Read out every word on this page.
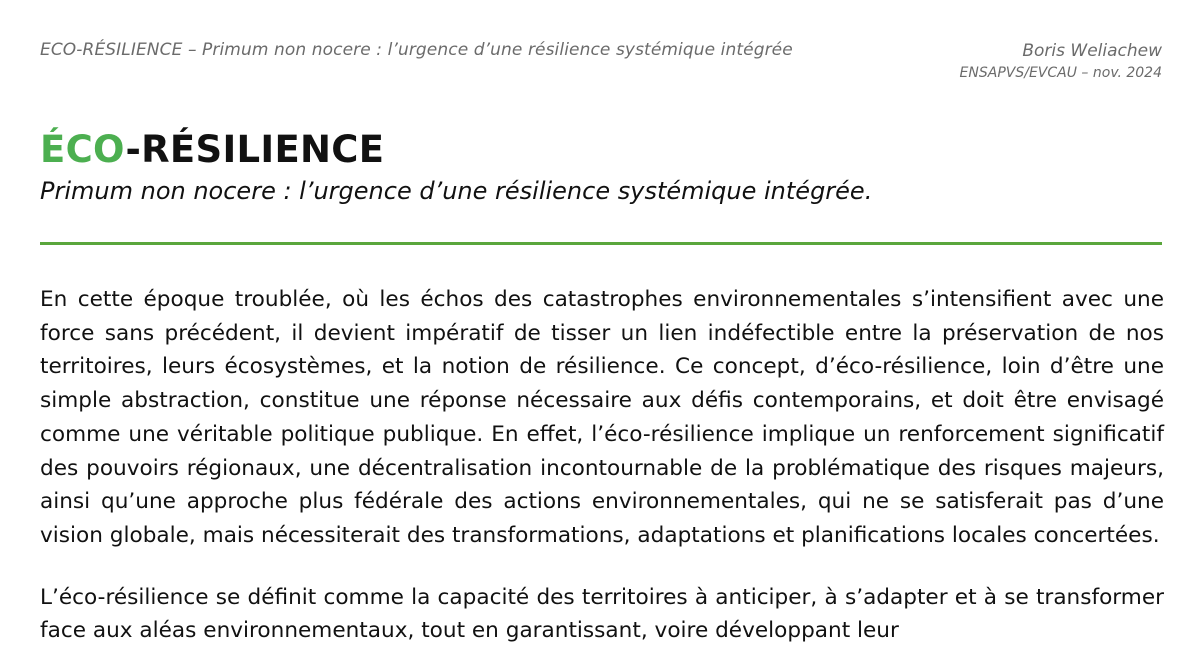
ECO-RÉSILIENCE – Primum non nocere : l’urgence d’une résilience systémique intégrée	Boris Weliachew
ENSAPVS/EVCAU – nov. 2024
ÉCO-RÉSILIENCE
Primum non nocere : l’urgence d’une résilience systémique intégrée.

En cette époque troublée, où les échos des catastrophes environnementales s’intensifient avec une force sans précédent, il devient impératif de tisser un lien indéfectible entre la préservation de nos territoires, leurs écosystèmes, et la notion de résilience. Ce concept, d’éco-résilience, loin d’être une simple abstraction, constitue une réponse nécessaire aux défis contemporains, et doit être envisagé comme une véritable politique publique. En effet, l’éco-résilience implique un renforcement significatif des pouvoirs régionaux, une décentralisation incontournable de la problématique des risques majeurs, ainsi qu’une approche plus fédérale des actions environnementales, qui ne se satisferait pas d’une vision globale, mais nécessiterait des transformations, adaptations et planifications locales concertées.

L’éco-résilience se définit comme la capacité des territoires à anticiper, à s’adapter et à se transformer face aux aléas environnementaux, tout en garantissant, voire développant leur
